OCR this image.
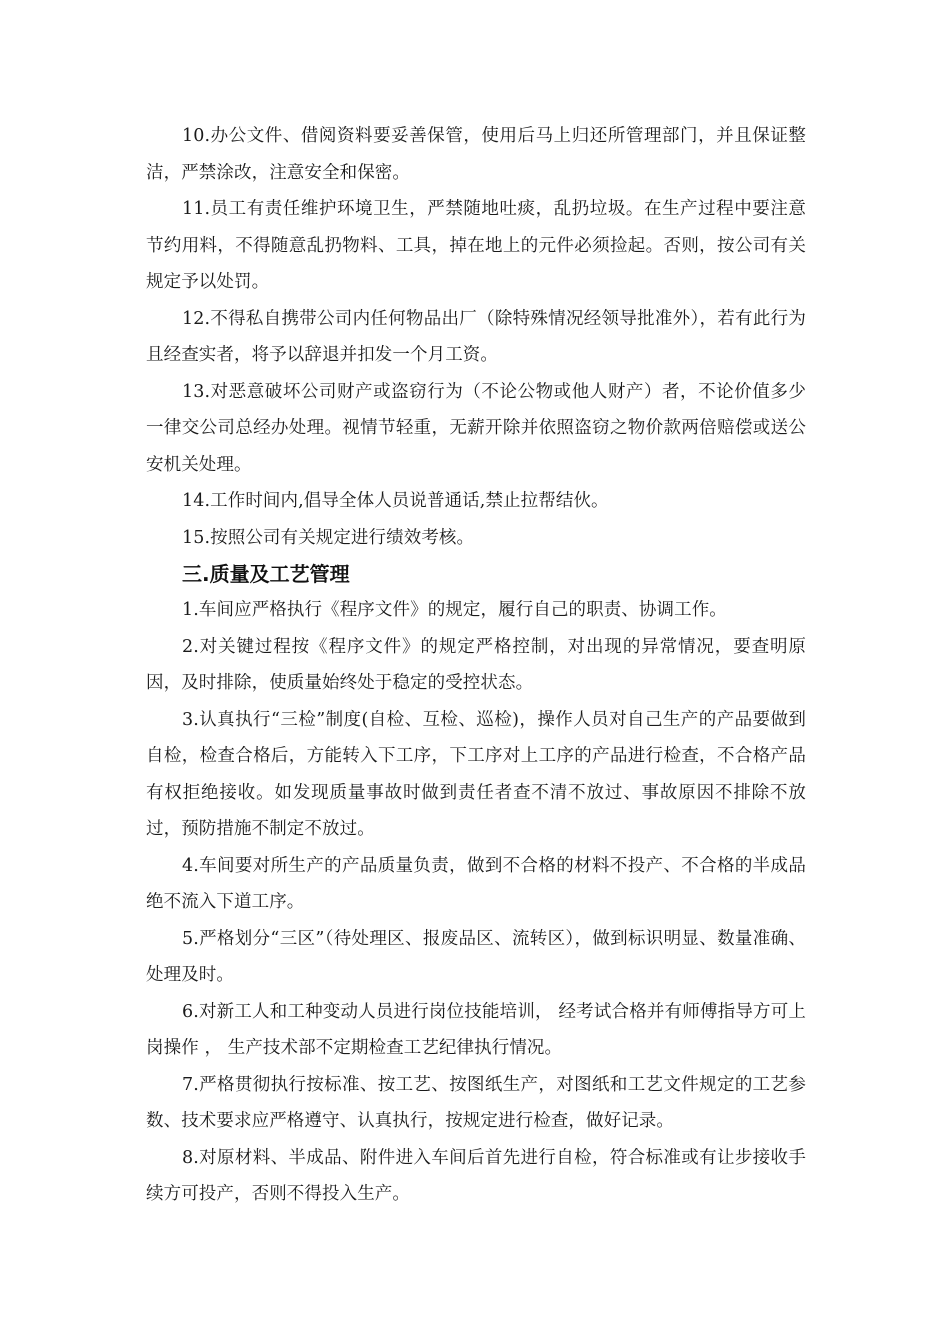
10.办公文件、借阅资料要妥善保管，使用后马上归还所管理部门，并且保证整洁，严禁涂改，注意安全和保密。

11.员工有责任维护环境卫生，严禁随地吐痰，乱扔垃圾。在生产过程中要注意节约用料，不得随意乱扔物料、工具，掉在地上的元件必须捡起。否则，按公司有关规定予以处罚。

12.不得私自携带公司内任何物品出厂（除特殊情况经领导批准外），若有此行为且经查实者，将予以辞退并扣发一个月工资。

13.对恶意破坏公司财产或盗窃行为（不论公物或他人财产）者，不论价值多少一律交公司总经办处理。视情节轻重，无薪开除并依照盗窃之物价款两倍赔偿或送公安机关处理。

14.工作时间内,倡导全体人员说普通话,禁止拉帮结伙。

15.按照公司有关规定进行绩效考核。

三.质量及工艺管理

1.车间应严格执行《程序文件》的规定，履行自己的职责、协调工作。

2.对关键过程按《程序文件》的规定严格控制，对出现的异常情况，要查明原因，及时排除，使质量始终处于稳定的受控状态。

3.认真执行“三检”制度(自检、互检、巡检)，操作人员对自己生产的产品要做到自检，检查合格后，方能转入下工序，下工序对上工序的产品进行检查，不合格产品有权拒绝接收。如发现质量事故时做到责任者查不清不放过、事故原因不排除不放过，预防措施不制定不放过。

4.车间要对所生产的产品质量负责，做到不合格的材料不投产、不合格的半成品绝不流入下道工序。

5.严格划分“三区”（待处理区、报废品区、流转区），做到标识明显、数量准确、处理及时。

6.对新工人和工种变动人员进行岗位技能培训， 经考试合格并有师傅指导方可上岗操作 ， 生产技术部不定期检查工艺纪律执行情况。

7.严格贯彻执行按标准、按工艺、按图纸生产，对图纸和工艺文件规定的工艺参数、技术要求应严格遵守、认真执行，按规定进行检查，做好记录。

8.对原材料、半成品、附件进入车间后首先进行自检，符合标准或有让步接收手续方可投产，否则不得投入生产。
